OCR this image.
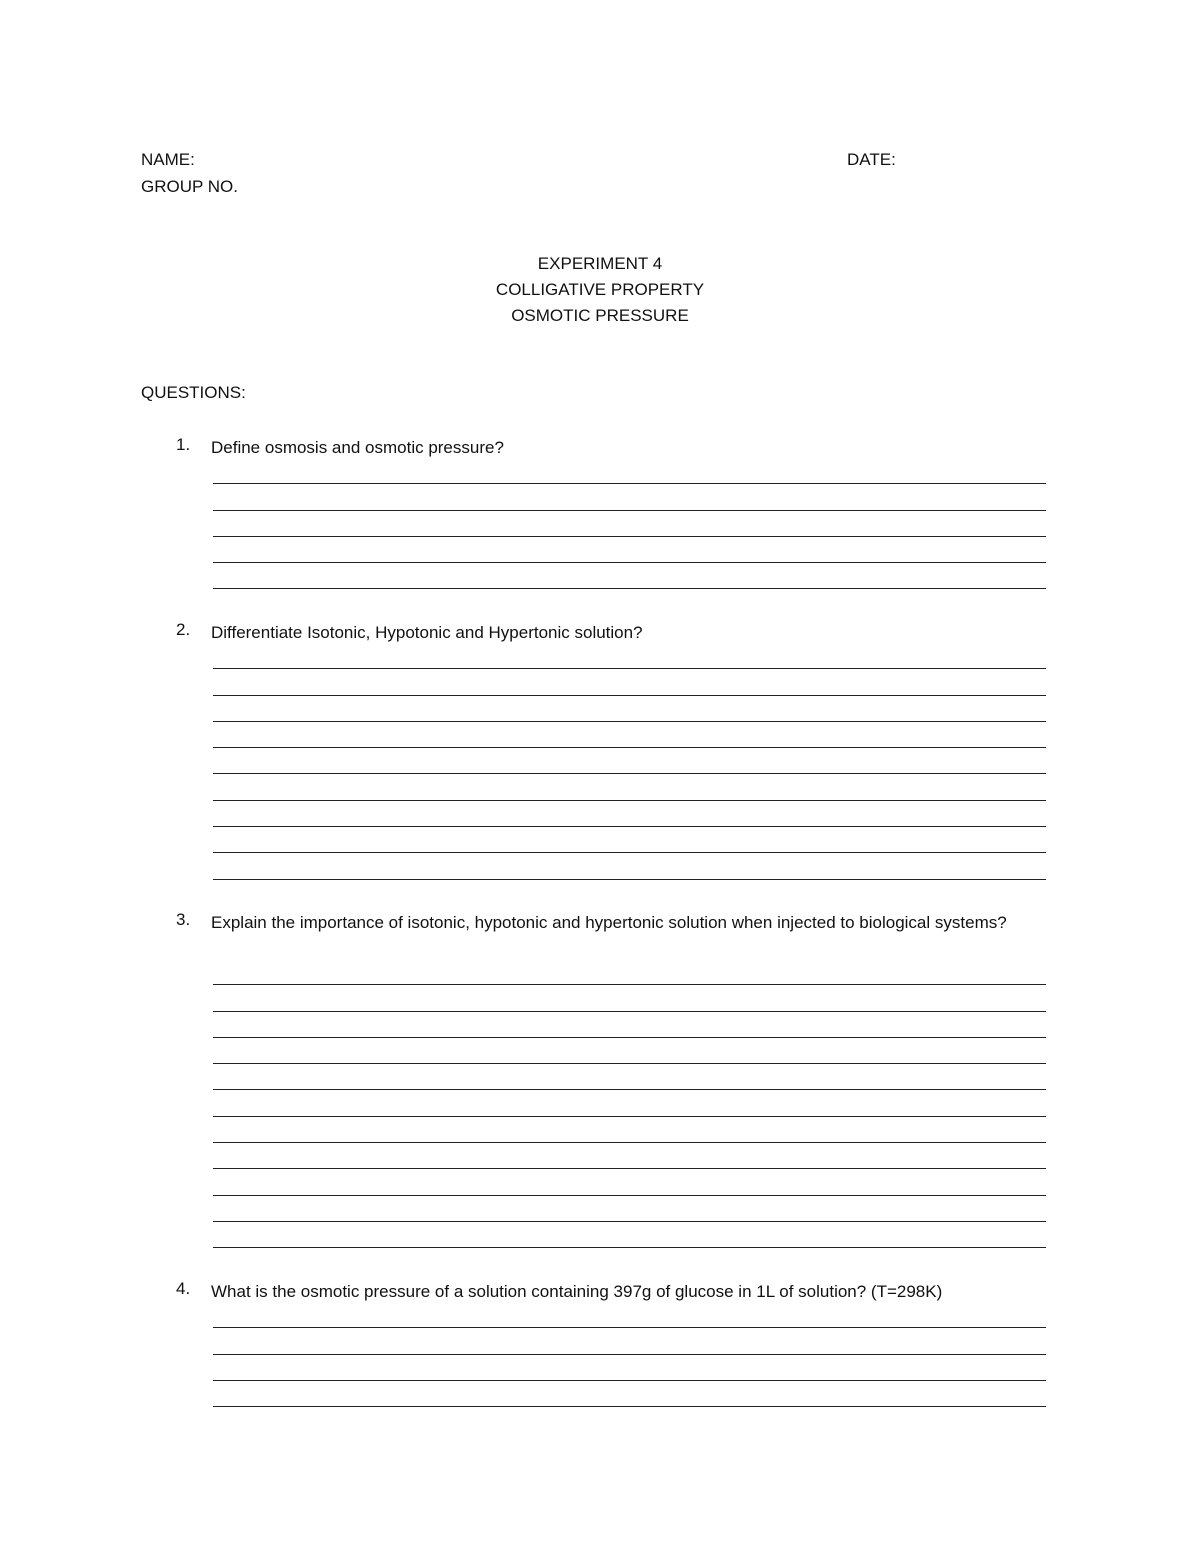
NAME:
GROUP NO.
DATE:
EXPERIMENT 4
COLLIGATIVE PROPERTY
OSMOTIC PRESSURE
QUESTIONS:
1. Define osmosis and osmotic pressure?
2. Differentiate Isotonic, Hypotonic and Hypertonic solution?
3. Explain the importance of isotonic, hypotonic and hypertonic solution when injected to biological systems?
4. What is the osmotic pressure of a solution containing 397g of glucose in 1L of solution? (T=298K)
